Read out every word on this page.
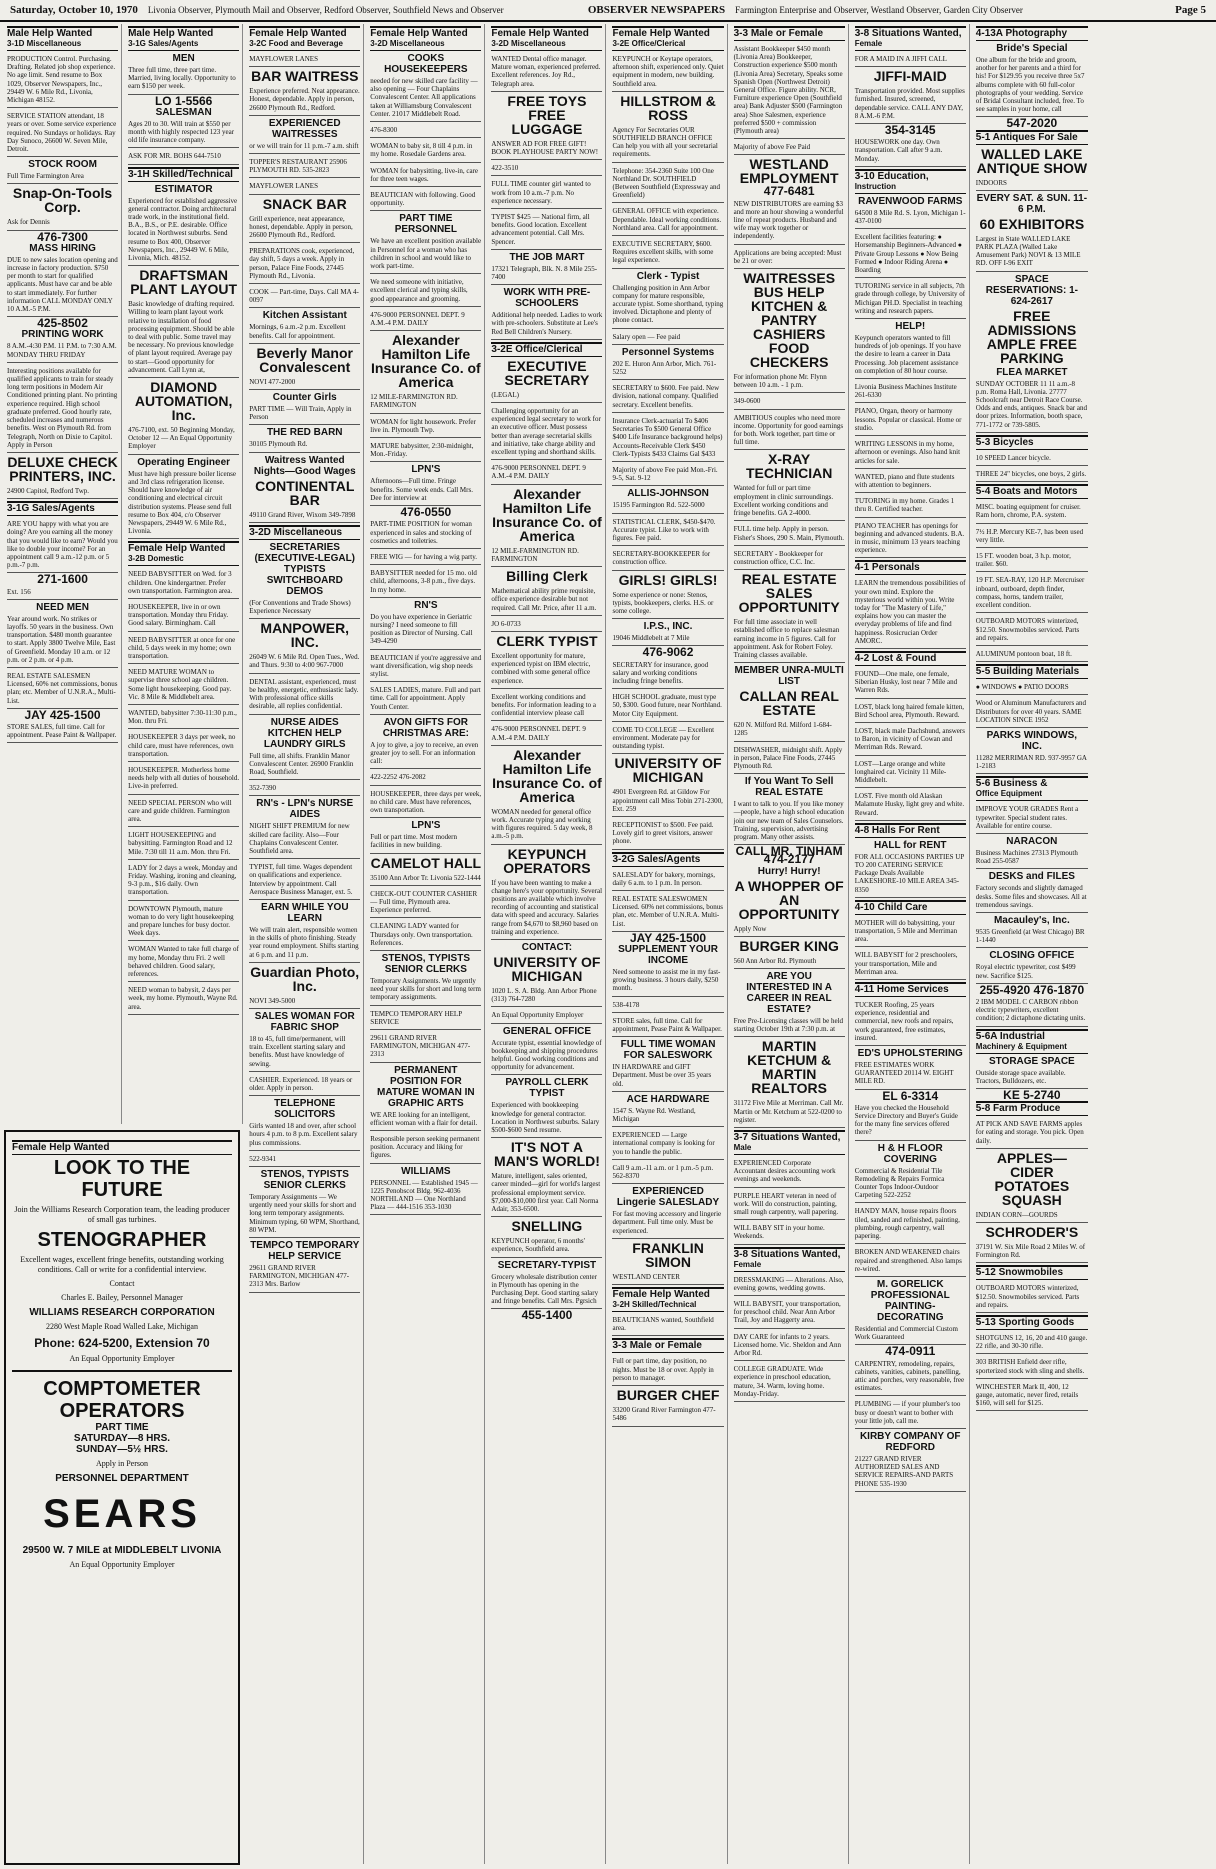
Saturday, October 10, 1970 Livonia Observer, Plymouth Mail and Observer, Redford Observer, Southfield News and Observer	OBSERVER NEWSPAPERS Farmington Enterprise and Observer, Westland Observer, Garden City Observer	Page 5
Male Help Wanted
3-1D Miscellaneous
PRODUCTION Control. Purchasing. Drafting. Related job shop experience. No age limit. Send resume to Box 1029, Observer Newspapers, Inc., 29449 W. 6 Mile Rd., Livonia, Michigan 48152.
SERVICE STATION attendant, 18 years or over. Some service experience required. No Sundays or holidays. Ray Day Sunoco, 26600 W. Seven Mile, Detroit.
STOCK ROOM
Full Time Farmington Area
Snap-On-Tools Corp.
Ask for Dennis
476-7300
MASS HIRING
DUE to new sales location opening and increase in factory production. $750 per month to start for qualified applicants. Must have car and be able to start immediately. For further information CALL MONDAY ONLY 10 A.M.-5 P.M.
425-8502
PRINTING WORK
8 A.M.-4:30 P.M. 11 P.M. to 7:30 A.M. MONDAY THRU FRIDAY
Interesting positions available for qualified applicants to train for steady long term positions in Modern Air Conditioned printing plant. No printing experience required. High school graduate preferred. Good hourly rate, scheduled increases and numerous benefits. West on Plymouth Rd. from Telegraph, North on Dixie to Capitol. Apply in Person
DELUXE CHECK PRINTERS, INC.
24900 Capitol, Redford Twp.
3-1G Sales/Agents
ARE YOU happy with what you are doing? Are you earning all the money that you would like to earn? Would you like to double your income? For an appointment call 9 a.m.-12 p.m. or 5 p.m.-7 p.m.
271-1600
Ext. 156
NEED MEN
Year around work. No strikes or layoffs. 50 years in the business. Own transportation. $480 month guarantee to start. Apply 3800 Twelve Mile, East of Greenfield. Monday 10 a.m. or 12 p.m. or 2 p.m. or 4 p.m.
REAL ESTATE SALESMEN Licensed, 60% net commissions, bonus plan; etc. Member of U.N.R.A., Multi-List.
JAY 425-1500
STORE SALES, full time. Call for appointment. Pease Paint & Wallpaper.
Male Help Wanted
3-1G Sales/Agents
MEN
Three full time, three part time. Married, living locally. Opportunity to earn $150 per week.
LO 1-5566
SALESMAN
Ages 20 to 30. Will train at $550 per month with highly respected 123 year old life insurance company.
ASK FOR MR. BOHS 644-7510
3-1H Skilled/Technical
ESTIMATOR
Experienced for established aggressive general contractor. Doing architectural trade work, in the institutional field. B.A., B.S., or P.E. desirable. Office located in Northwest suburbs. Send resume to Box 400, Observer Newspapers, Inc., 29449 W. 6 Mile, Livonia, Mich. 48152.
DRAFTSMAN PLANT LAYOUT
Basic knowledge of drafting required. Willing to learn plant layout work relative to installation of food processing equipment. Should be able to deal with public. Some travel may be necessary. No previous knowledge of plant layout required. Average pay to start—Good opportunity for advancement. Call Lynn at,
DIAMOND AUTOMATION, Inc.
476-7100, ext. 50 Beginning Monday, October 12 — An Equal Opportunity Employer
Operating Engineer
Must have high pressure boiler license and 3rd class refrigeration license. Should have knowledge of air conditioning and electrical circuit distribution systems. Please send full resume to Box 404, c/o Observer Newspapers, 29449 W. 6 Mile Rd., Livonia.
Female Help Wanted
3-2B Domestic
NEED BABYSITTER on Wed. for 3 children. One kindergartner. Prefer own transportation. Farmington area.
HOUSEKEEPER, live in or own transportation. Monday thru Friday. Good salary. Birmingham. Call
NEED BABYSITTER at once for one child, 5 days week in my home; own transportation.
NEED MATURE WOMAN to supervise three school age children. Some light housekeeping. Good pay. Vic. 8 Mile & Middlebelt area.
WANTED, babysitter 7:30-11:30 p.m., Mon. thru Fri.
HOUSEKEEPER 3 days per week, no child care, must have references, own transportation.
HOUSEKEEPER. Motherless home needs help with all duties of household. Live-in preferred.
NEED SPECIAL PERSON who will care and guide children. Farmington area.
LIGHT HOUSEKEEPING and babysitting. Farmington Road and 12 Mile. 7:30 till 11 a.m. Mon. thru Fri.
LADY for 2 days a week, Monday and Friday. Washing, ironing and cleaning, 9-3 p.m., $16 daily. Own transportation.
DOWNTOWN Plymouth, mature woman to do very light housekeeping and prepare lunches for busy doctor. Week days.
WOMAN Wanted to take full charge of my home, Monday thru Fri. 2 well behaved children. Good salary, references.
NEED woman to babysit, 2 days per week, my home. Plymouth, Wayne Rd. area.
Female Help Wanted
3-2C Food and Beverage
MAYFLOWER LANES
BAR WAITRESS
Experience preferred. Neat appearance. Honest, dependable. Apply in person, 26600 Plymouth Rd., Redford.
EXPERIENCED WAITRESSES
or we will train for 11 p.m.-7 a.m. shift
TOPPER'S RESTAURANT 25906 PLYMOUTH RD. 535-2823
MAYFLOWER LANES
SNACK BAR
Grill experience, neat appearance, honest, dependable. Apply in person, 26600 Plymouth Rd., Redford.
PREPARATIONS cook, experienced, day shift, 5 days a week. Apply in person, Palace Fine Foods, 27445 Plymouth Rd., Livonia.
COOK — Part-time, Days. Call MA 4-0097
Kitchen Assistant
Mornings, 6 a.m.-2 p.m. Excellent benefits. Call for appointment.
Beverly Manor Convalescent
NOVI 477-2000
Counter Girls
PART TIME — Will Train, Apply in Person
THE RED BARN
30105 Plymouth Rd.
Waitress Wanted Nights—Good Wages
CONTINENTAL BAR
49110 Grand River, Wixom 349-7898
3-2D Miscellaneous
SECRETARIES (EXECUTIVE-LEGAL) TYPISTS SWITCHBOARD DEMOS
(For Conventions and Trade Shows) Experience Necessary
MANPOWER, INC.
26049 W. 6 Mile Rd. Open Tues., Wed. and Thurs. 9:30 to 4:00 967-7000
DENTAL assistant, experienced, must be healthy, energetic, enthusiastic lady. With professional office skills desirable, all replies confidential.
NURSE AIDES KITCHEN HELP LAUNDRY GIRLS
Full time, all shifts. Franklin Manor Convalescent Center. 26900 Franklin Road, Southfield.
352-7390
RN's - LPN's NURSE AIDES
NIGHT SHIFT PREMIUM for new skilled care facility. Also—Four Chaplains Convalescent Center. Southfield area.
TYPIST, full time. Wages dependent on qualifications and experience. Interview by appointment. Call Aerospace Business Manager, ext. 5.
EARN WHILE YOU LEARN
We will train alert, responsible women in the skills of photo finishing. Steady year round employment. Shifts starting at 6 p.m. and 11 p.m.
Guardian Photo, Inc.
NOVI 349-5000
SALES WOMAN FOR FABRIC SHOP
18 to 45, full time/permanent, will train. Excellent starting salary and benefits. Must have knowledge of sewing.
CASHIER. Experienced. 18 years or older. Apply in person.
TELEPHONE SOLICITORS
Girls wanted 18 and over, after school hours 4 p.m. to 8 p.m. Excellent salary plus commissions.
522-9341
STENOS, TYPISTS SENIOR CLERKS
Temporary Assignments — We urgently need your skills for short and long term temporary assignments. Minimum typing, 60 WPM, Shorthand, 80 WPM.
TEMPCO TEMPORARY HELP SERVICE
29611 GRAND RIVER FARMINGTON, MICHIGAN 477-2313 Mrs. Barlow
Female Help Wanted
3-2D Miscellaneous
COOKS HOUSEKEEPERS
needed for new skilled care facility — also opening — Four Chaplains Convalescent Center. All applications taken at Williamsburg Convalescent Center. 21017 Middlebelt Road.
476-8300
WOMAN to baby sit, 8 till 4 p.m. in my home. Rosedale Gardens area.
WOMAN for babysitting, live-in, care for three teen wages.
BEAUTICIAN with following. Good opportunity.
PART TIME PERSONNEL
We have an excellent position available in Personnel for a woman who has children in school and would like to work part-time.
We need someone with initiative, excellent clerical and typing skills, good appearance and grooming.
476-9000 PERSONNEL DEPT. 9 A.M.-4 P.M. DAILY
Alexander Hamilton Life Insurance Co. of America
12 MILE-FARMINGTON RD. FARMINGTON
WOMAN for light housework. Prefer live in. Plymouth Twp.
MATURE babysitter, 2:30-midnight, Mon.-Friday.
LPN'S
Afternoons—Full time. Fringe benefits. Some week ends. Call Mrs. Dee for interview at
476-0550
PART-TIME POSITION for woman experienced in sales and stocking of cosmetics and toiletries.
FREE WIG — for having a wig party.
BABYSITTER needed for 15 mo. old child, afternoons, 3-8 p.m., five days. In my home.
RN'S
Do you have experience in Geriatric nursing? I need someone to fill position as Director of Nursing. Call 349-4290
BEAUTICIAN if you're aggressive and want diversification, wig shop needs stylist.
SALES LADIES, mature. Full and part time. Call for appointment. Apply Youth Center.
AVON GIFTS FOR CHRISTMAS ARE:
A joy to give, a joy to receive, an even greater joy to sell. For an information call:
422-2252 476-2082
HOUSEKEEPER, three days per week, no child care. Must have references, own transportation.
LPN'S
Full or part time. Most modern facilities in new building.
CAMELOT HALL
35100 Ann Arbor Tr. Livonia 522-1444
CHECK-OUT COUNTER CASHIER — Full time, Plymouth area. Experience preferred.
CLEANING LADY wanted for Thursdays only. Own transportation. References.
STENOS, TYPISTS SENIOR CLERKS
Temporary Assignments. We urgently need your skills for short and long term temporary assignments.
TEMPCO TEMPORARY HELP SERVICE
29611 GRAND RIVER FARMINGTON, MICHIGAN 477-2313
PERMANENT POSITION FOR MATURE WOMAN IN GRAPHIC ARTS
WE ARE looking for an intelligent, efficient woman with a flair for detail.
Responsible person seeking permanent position. Accuracy and liking for figures.
WILLIAMS
PERSONNEL — Established 1945 — 1225 Penobscot Bldg. 962-4036 NORTHLAND — One Northland Plaza — 444-1516 353-1030
Female Help Wanted
3-2D Miscellaneous
WANTED Dental office manager. Mature woman, experienced preferred. Excellent references. Joy Rd., Telegraph area.
FREE TOYS FREE LUGGAGE
ANSWER AD FOR FREE GIFT! BOOK PLAYHOUSE PARTY NOW!
422-3510
FULL TIME counter girl wanted to work from 10 a.m.-7 p.m. No experience necessary.
TYPIST $425 — National firm, all benefits. Good location. Excellent advancement potential. Call Mrs. Spencer.
THE JOB MART
17321 Telegraph, Blk. N. 8 Mile 255-7400
WORK WITH PRE-SCHOOLERS
Additional help needed. Ladies to work with pre-schoolers. Substitute at Lee's Red Bell Children's Nursery.
3-2E Office/Clerical
EXECUTIVE SECRETARY
(LEGAL)
Challenging opportunity for an experienced legal secretary to work for an executive officer. Must possess better than average secretarial skills and initiative, take charge ability and excellent typing and shorthand skills.
476-9000 PERSONNEL DEPT. 9 A.M.-4 P.M. DAILY
Alexander Hamilton Life Insurance Co. of America
12 MILE-FARMINGTON RD. FARMINGTON
Billing Clerk
Mathematical ability prime requisite, office experience desirable but not required. Call Mr. Price, after 11 a.m.
JO 6-0733
CLERK TYPIST
Excellent opportunity for mature, experienced typist on IBM electric, combined with some general office experience.
Excellent working conditions and benefits. For information leading to a confidential interview please call
476-9000 PERSONNEL DEPT. 9 A.M.-4 P.M. DAILY
Alexander Hamilton Life Insurance Co. of America
WOMAN needed for general office work. Accurate typing and working with figures required. 5 day week, 8 a.m.-5 p.m.
KEYPUNCH OPERATORS
If you have been wanting to make a change here's your opportunity. Several positions are available which involve recording of accounting and statistical data with speed and accuracy. Salaries range from $4,670 to $8,960 based on training and experience.
CONTACT:
UNIVERSITY OF MICHIGAN
1020 L. S. A. Bldg. Ann Arbor Phone (313) 764-7280
An Equal Opportunity Employer
GENERAL OFFICE
Accurate typist, essential knowledge of bookkeeping and shipping procedures helpful. Good working conditions and opportunity for advancement.
PAYROLL CLERK TYPIST
Experienced with bookkeeping knowledge for general contractor. Location in Northwest suburbs. Salary $500-$600 Send resume.
IT'S NOT A MAN'S WORLD!
Mature, intelligent, sales oriented, career minded—girl for world's largest professional employment service. $7,000-$10,000 first year. Call Norma Adair, 353-6500.
SNELLING
KEYPUNCH operator, 6 months' experience, Southfield area.
SECRETARY-TYPIST
Grocery wholesale distribution center in Plymouth has opening in the Purchasing Dept. Good starting salary and fringe benefits. Call Mrs. Pgrsich
455-1400
Female Help Wanted
3-2E Office/Clerical
KEYPUNCH or Keytape operators, afternoon shift, experienced only. Quiet equipment in modern, new building. Southfield area.
HILLSTROM & ROSS
Agency For Secretaries OUR SOUTHFIELD BRANCH OFFICE Can help you with all your secretarial requirements.
Telephone: 354-2360 Suite 100 One Northland Dr. SOUTHFIELD (Between Southfield (Expressway and Greenfield)
GENERAL OFFICE with experience. Dependable. Ideal working conditions. Northland area. Call for appointment.
EXECUTIVE SECRETARY, $600. Requires excellent skills, with some legal experience.
Clerk - Typist
Challenging position in Ann Arbor company for mature responsible, accurate typist. Some shorthand, typing involved. Dictaphone and plenty of phone contact.
Salary open — Fee paid
Personnel Systems
202 E. Huron Ann Arbor, Mich. 761-5252
SECRETARY to $600. Fee paid. New division, national company. Qualified secretary. Excellent benefits.
Insurance Clerk-actuarial To $406 Secretaries To $500 General Office $400 Life Insurance background helps) Accounts-Receivable Clerk $450 Clerk-Typists $433 Claims Gal $433
Majority of above Fee paid Mon.-Fri. 9-5, Sat. 9-12
ALLIS-JOHNSON
15195 Farmington Rd. 522-5000
STATISTICAL CLERK, $450-$470. Accurate typist. Like to work with figures. Fee paid.
SECRETARY-BOOKKEEPER for construction office.
GIRLS! GIRLS!
Some experience or none: Stenos, typists, bookkeepers, clerks. H.S. or some college.
I.P.S., INC.
19046 Middlebelt at 7 Mile
476-9062
SECRETARY for insurance, good salary and working conditions including fringe benefits.
HIGH SCHOOL graduate, must type 50, $300. Good future, near Northland. Motor City Equipment.
COME TO COLLEGE — Excellent environment. Moderate pay for outstanding typist.
UNIVERSITY OF MICHIGAN
4901 Evergreen Rd. at Gildow For appointment call Miss Tobin 271-2300, Ext. 259
RECEPTIONIST to $500. Fee paid. Lovely girl to greet visitors, answer phone.
3-2G Sales/Agents
SALESLADY for bakery, mornings, daily 6 a.m. to 1 p.m. In person.
REAL ESTATE SALESWOMEN Licensed. 60% net commissions, bonus plan, etc. Member of U.N.R.A. Multi-List.
JAY 425-1500
SUPPLEMENT YOUR INCOME
Need someone to assist me in my fast-growing business. 3 hours daily, $250 month.
538-4178
STORE sales, full time. Call for appointment, Pease Paint & Wallpaper.
FULL TIME WOMAN FOR SALESWORK
IN HARDWARE and GIFT Department. Must be over 35 years old.
ACE HARDWARE
1547 S. Wayne Rd. Westland, Michigan
EXPERIENCED — Large international company is looking for you to handle the public.
Call 9 a.m.-11 a.m. or 1 p.m.-5 p.m. 562-8370
EXPERIENCED Lingerie SALESLADY
For fast moving accessory and lingerie department. Full time only. Must be experienced.
FRANKLIN SIMON
WESTLAND CENTER
Female Help Wanted
3-2H Skilled/Technical
BEAUTICIANS wanted, Southfield area.
3-3 Male or Female
Full or part time, day position, no nights. Must be 18 or over. Apply in person to manager.
BURGER CHEF
33200 Grand River Farmington 477-5486
3-3 Male or Female
Assistant Bookkeeper $450 month (Livonia Area) Bookkeeper, Construction experience $500 month (Livonia Area) Secretary, Speaks some Spanish Open (Northwest Detroit) General Office. Figure ability. NCR, Furniture experience Open (Southfield area) Bank Adjuster $500 (Farmington area) Shoe Salesmen, experience preferred $500 + commission (Plymouth area)
Majority of above Fee Paid
WESTLAND EMPLOYMENT
477-6481
NEW DISTRIBUTORS are earning $3 and more an hour showing a wonderful line of repeat products. Husband and wife may work together or independently.
Applications are being accepted: Must be 21 or over:
WAITRESSES BUS HELP KITCHEN & PANTRY CASHIERS FOOD CHECKERS
For information phone Mr. Flynn between 10 a.m. - 1 p.m.
349-0600
AMBITIOUS couples who need more income. Opportunity for good earnings for both. Work together, part time or full time.
X-RAY TECHNICIAN
Wanted for full or part time employment in clinic surroundings. Excellent working conditions and fringe benefits. GA 2-4000.
FULL time help. Apply in person. Fisher's Shoes, 290 S. Main, Plymouth.
SECRETARY - Bookkeeper for construction office, C.C. Inc.
REAL ESTATE SALES OPPORTUNITY
For full time associate in well established office to replace salesman earning income in 5 figures. Call for appointment. Ask for Robert Foley. Training classes available.
MEMBER UNRA-MULTI LIST
CALLAN REAL ESTATE
620 N. Milford Rd. Milford 1-684-1285
DISHWASHER, midnight shift. Apply in person, Palace Fine Foods, 27445 Plymouth Rd.
If You Want To Sell REAL ESTATE
I want to talk to you. If you like money—people, have a high school education join our new team of Sales Counselors. Training, supervision, advertising program. Many other assists.
CALL MR. TINHAM 474-2177
Hurry! Hurry!
A WHOPPER OF AN OPPORTUNITY
Apply Now
BURGER KING
560 Ann Arbor Rd. Plymouth
ARE YOU INTERESTED IN A CAREER IN REAL ESTATE?
Free Pre-Licensing classes will be held starting October 19th at 7:30 p.m. at
MARTIN KETCHUM & MARTIN REALTORS
31172 Five Mile at Merriman. Call Mr. Martin or Mr. Ketchum at 522-0200 to register.
3-7 Situations Wanted,
Male
EXPERIENCED Corporate Accountant desires accounting work evenings and weekends.
PURPLE HEART veteran in need of work. Will do construction, painting, small rough carpentry, wall papering.
WILL BABY SIT in your home. Weekends.
3-8 Situations Wanted,
Female
DRESSMAKING — Alterations. Also, evening gowns, wedding gowns.
WILL BABYSIT, your transportation, for preschool child. Near Ann Arbor Trail, Joy and Haggerty area.
DAY CARE for infants to 2 years. Licensed home. Vic. Sheldon and Ann Arbor Rd.
COLLEGE GRADUATE. Wide experience in preschool education, mature, 34. Warm, loving home. Monday-Friday.
3-8 Situations Wanted,
Female
FOR A MAID IN A JIFFI CALL
JIFFI-MAID
Transportation provided. Most supplies furnished. Insured, screened, dependable service. CALL ANY DAY, 8 A.M.-6 P.M.
354-3145
HOUSEWORK one day. Own transportation. Call after 9 a.m. Monday.
3-10 Education,
Instruction
RAVENWOOD FARMS
64500 8 Mile Rd. S. Lyon, Michigan 1-437-0100
Excellent facilities featuring: ● Horsemanship Beginners-Advanced ● Private Group Lessons ● Now Being Formed ● Indoor Riding Arena ● Boarding
TUTORING service in all subjects, 7th grade through college, by University of Michigan PH.D. Specialist in teaching writing and research papers.
HELP!
Keypunch operators wanted to fill hundreds of job openings. If you have the desire to learn a career in Data Processing. Job placement assistance on completion of 80 hour course.
Livonia Business Machines Institute 261-6330
PIANO, Organ, theory or harmony lessons. Popular or classical. Home or studio.
WRITING LESSONS in my home, afternoon or evenings. Also hand knit articles for sale.
WANTED, piano and flute students with attention to beginners.
TUTORING in my home. Grades 1 thru 8. Certified teacher.
PIANO TEACHER has openings for beginning and advanced students. B.A. in music, minimum 13 years teaching experience.
4-1 Personals
LEARN the tremendous possibilities of your own mind. Explore the mysterious world within you. Write today for "The Mastery of Life," explains how you can master the everyday problems of life and find happiness. Rosicrucian Order AMORC.
4-2 Lost & Found
FOUND—One male, one female, Siberian Husky, lost near 7 Mile and Warren Rds.
LOST, black long haired female kitten, Bird School area, Plymouth. Reward.
LOST, black male Dachshund, answers to Baron, in vicinity of Cowan and Merriman Rds. Reward.
LOST—Large orange and white longhaired cat. Vicinity 11 Mile-Middlebelt.
LOST. Five month old Alaskan Malamute Husky, light grey and white. Reward.
4-8 Halls For Rent
HALL for RENT
FOR ALL OCCASIONS PARTIES UP TO 200 CATERING SERVICE Package Deals Available LAKESHORE-10 MILE AREA 345-8350
4-10 Child Care
MOTHER will do babysitting, your transportation, 5 Mile and Merriman area.
WILL BABYSIT for 2 preschoolers, your transportation, Mile and Merriman area.
4-11 Home Services
TUCKER Roofing, 25 years experience, residential and commercial, new roofs and repairs, work guaranteed, free estimates, insured.
ED'S UPHOLSTERING
FREE ESTIMATES WORK GUARANTEED 20114 W. EIGHT MILE RD.
EL 6-3314
Have you checked the Household Service Directory and Buyer's Guide for the many fine services offered there?
H & H FLOOR COVERING
Commercial & Residential Tile Remodeling & Repairs Formica Counter Tops Indoor-Outdoor Carpeting 522-2252
HANDY MAN, house repairs floors tiled, sanded and refinished, painting, plumbing, rough carpentry, wall papering.
BROKEN AND WEAKENED chairs repaired and strengthened. Also lamps re-wired.
M. GORELICK PROFESSIONAL PAINTING-DECORATING
Residential and Commercial Custom Work Guaranteed
474-0911
CARPENTRY, remodeling, repairs, cabinets, vanities, cabinets, panelling, attic and porches, very reasonable, free estimates.
PLUMBING — if your plumber's too busy or doesn't want to bother with your little job, call me.
KIRBY COMPANY OF REDFORD
21227 GRAND RIVER AUTHORIZED SALES AND SERVICE REPAIRS-AND PARTS PHONE 535-1930
4-13A Photography
Bride's Special
One album for the bride and groom, another for her parents and a third for his! For $129.95 you receive three 5x7 albums complete with 60 full-color photographs of your wedding. Service of Bridal Consultant included, free. To see samples in your home, call
547-2020
5-1 Antiques For Sale
WALLED LAKE ANTIQUE SHOW
INDOORS
EVERY SAT. & SUN. 11-6 P.M.
60 EXHIBITORS
Largest in State WALLED LAKE PARK PLAZA (Walled Lake Amusement Park) NOVI & 13 MILE RD. OFF I-96 EXIT
SPACE RESERVATIONS: 1-624-2617
FREE ADMISSIONS AMPLE FREE PARKING
FLEA MARKET
SUNDAY OCTOBER 11 11 a.m.-8 p.m. Roma Hall, Livonia. 27777 Schoolcraft near Detroit Race Course. Odds and ends, antiques. Snack bar and door prizes. Information, booth space, 771-1772 or 739-5805.
5-3 Bicycles
10 SPEED Lancer bicycle.
THREE 24" bicycles, one boys, 2 girls.
5-4 Boats and Motors
MISC. boating equipment for cruiser. Ram horn, chrome, P.A. system.
7½ H.P. Mercury KE-7, has been used very little.
15 FT. wooden boat, 3 h.p. motor, trailer. $60.
19 FT. SEA-RAY, 120 H.P. Mercruiser inboard, outboard, depth finder, compass, horns, tandem trailer, excellent condition.
OUTBOARD MOTORS winterized, $12.50. Snowmobiles serviced. Parts and repairs.
ALUMINUM pontoon boat, 18 ft.
5-5 Building Materials
● WINDOWS ● PATIO DOORS
Wood or Aluminum Manufacturers and Distributors for over 40 years. SAME LOCATION SINCE 1952
PARKS WINDOWS, INC.
11282 MERRIMAN RD. 937-9957 GA 1-2183
5-6 Business &
Office Equipment
IMPROVE YOUR GRADES Rent a typewriter. Special student rates. Available for entire course.
NARACON
Business Machines 27313 Plymouth Road 255-0587
DESKS and FILES
Factory seconds and slightly damaged desks. Some files and showcases. All at tremendous savings.
Macauley's, Inc.
9535 Greenfield (at West Chicago) BR 1-1440
CLOSING OFFICE
Royal electric typewriter, cost $499 new. Sacrifice $125.
255-4920 476-1870
2 IBM MODEL C CARBON ribbon electric typewriters, excellent condition; 2 dictaphone dictating units.
5-6A Industrial
Machinery & Equipment
STORAGE SPACE
Outside storage space available. Tractors, Bulldozers, etc.
KE 5-2740
5-8 Farm Produce
AT PICK AND SAVE FARMS apples for eating and storage. You pick. Open daily.
APPLES—CIDER POTATOES SQUASH
INDIAN CORN—GOURDS
SCHRODER'S
37191 W. Six Mile Road 2 Miles W. of Formington Rd.
5-12 Snowmobiles
OUTBOARD MOTORS winterized, $12.50. Snowmobiles serviced. Parts and repairs.
5-13 Sporting Goods
SHOTGUNS 12, 16, 20 and 410 gauge. 22 rifle, and 30-30 rifle.
303 BRITISH Enfield deer rifle, sporterized stock with sling and shells.
WINCHESTER Mark II, 400, 12 gauge, automatic, never fired, retails $160, will sell for $125.
Female Help Wanted
LOOK TO THE FUTURE
Join the Williams Research Corporation team, the leading producer of small gas turbines.
STENOGRAPHER
Excellent wages, excellent fringe benefits, outstanding working conditions. Call or write for a confidential interview.
Contact
Charles E. Bailey, Personnel Manager
WILLIAMS RESEARCH CORPORATION
2280 West Maple Road Walled Lake, Michigan
Phone: 624-5200, Extension 70
An Equal Opportunity Employer
COMPTOMETER OPERATORS
PART TIME
SATURDAY—8 HRS.
SUNDAY—5½ HRS.
Apply in Person
PERSONNEL DEPARTMENT
SEARS
29500 W. 7 MILE at MIDDLEBELT LIVONIA
An Equal Opportunity Employer
